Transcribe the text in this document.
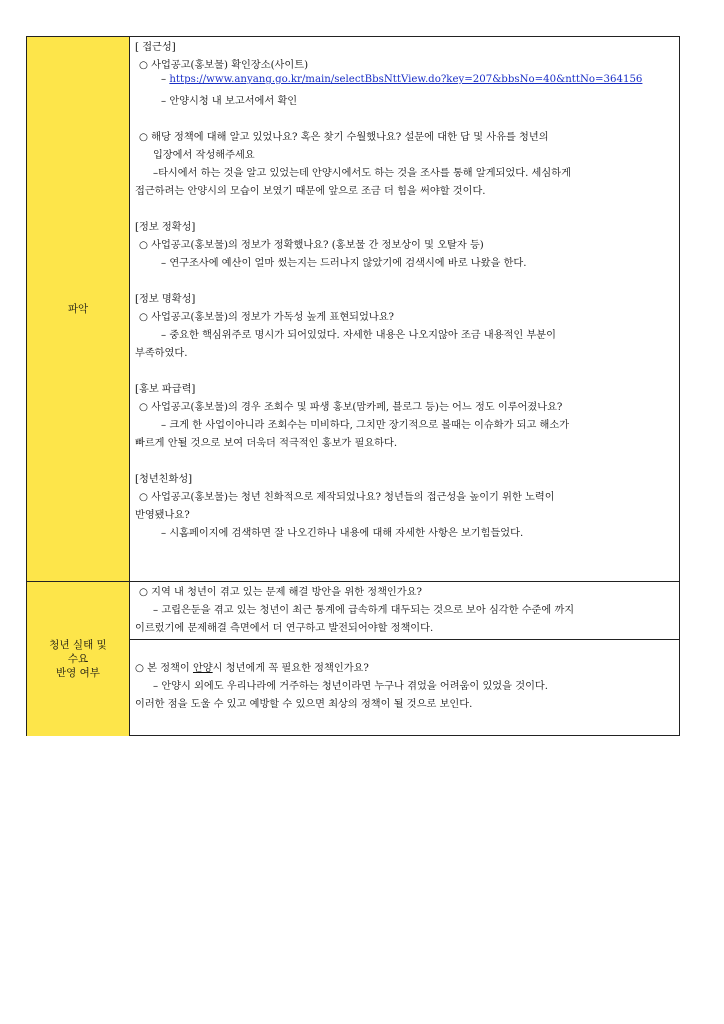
파악
청년 실태 및
수요
반영 여부
[ 접근성]
○ 사업공고(홍보물) 확인장소(사이트)
– https://www.anyang.go.kr/main/selectBbsNttView.do?key=207&bbsNo=40&nttNo=364156
– 안양시청 내 보고서에서 확인
○ 해당 정책에 대해 알고 있었나요? 혹은 찾기 수월했나요? 설문에 대한 답 및 사유를 청년의
입장에서 작성해주세요
–타시에서 하는 것을 알고 있었는데 안양시에서도 하는 것을 조사를 통해 알게되었다. 세심하게
접근하려는 안양시의 모습이 보였기 때문에 앞으로 조금 더 힘을 써야할 것이다.
[정보 정확성]
○ 사업공고(홍보물)의 정보가 정확했나요? (홍보물 간 정보상이 및 오탈자 등)
– 연구조사에 예산이 얼마 썼는지는 드러나지 않았기에 검색시에 바로 나왔을 한다.
[정보 명확성]
○ 사업공고(홍보물)의 정보가 가독성 높게 표현되었나요?
– 중요한 핵심위주로 명시가 되어있었다. 자세한 내용은 나오지않아 조금 내용적인 부분이
부족하였다.
[홍보 파급력]
○ 사업공고(홍보물)의 경우 조회수 및 파생 홍보(맘카페, 블로그 등)는 어느 정도 이루어졌나요?
– 크게 한 사업이아니라 조회수는 미비하다, 그치만 장기적으로 볼때는 이슈화가 되고 해소가
빠르게 안될 것으로 보여 더욱더 적극적인 홍보가 필요하다.
[청년친화성]
○ 사업공고(홍보물)는 청년 친화적으로 제작되었나요? 청년들의 접근성을 높이기 위한 노력이
반영됐나요?
– 시홈페이지에 검색하면 잘 나오긴하나 내용에 대해 자세한 사항은 보기힘들었다.
○ 지역 내 청년이 겪고 있는 문제 해결 방안을 위한 정책인가요?
– 고립은둔을 겪고 있는 청년이 최근 통계에 급속하게 대두되는 것으로 보아 심각한 수준에 까지
이르렀기에 문제해결 측면에서 더 연구하고 발전되어야할 정책이다.
○ 본 정책이 안양시 청년에게 꼭 필요한 정책인가요?
– 안양시 외에도 우리나라에 거주하는 청년이라면 누구나 겪었을 어려움이 있었을 것이다.
이러한 점을 도울 수 있고 예방할 수 있으면 최상의 정책이 될 것으로 보인다.
